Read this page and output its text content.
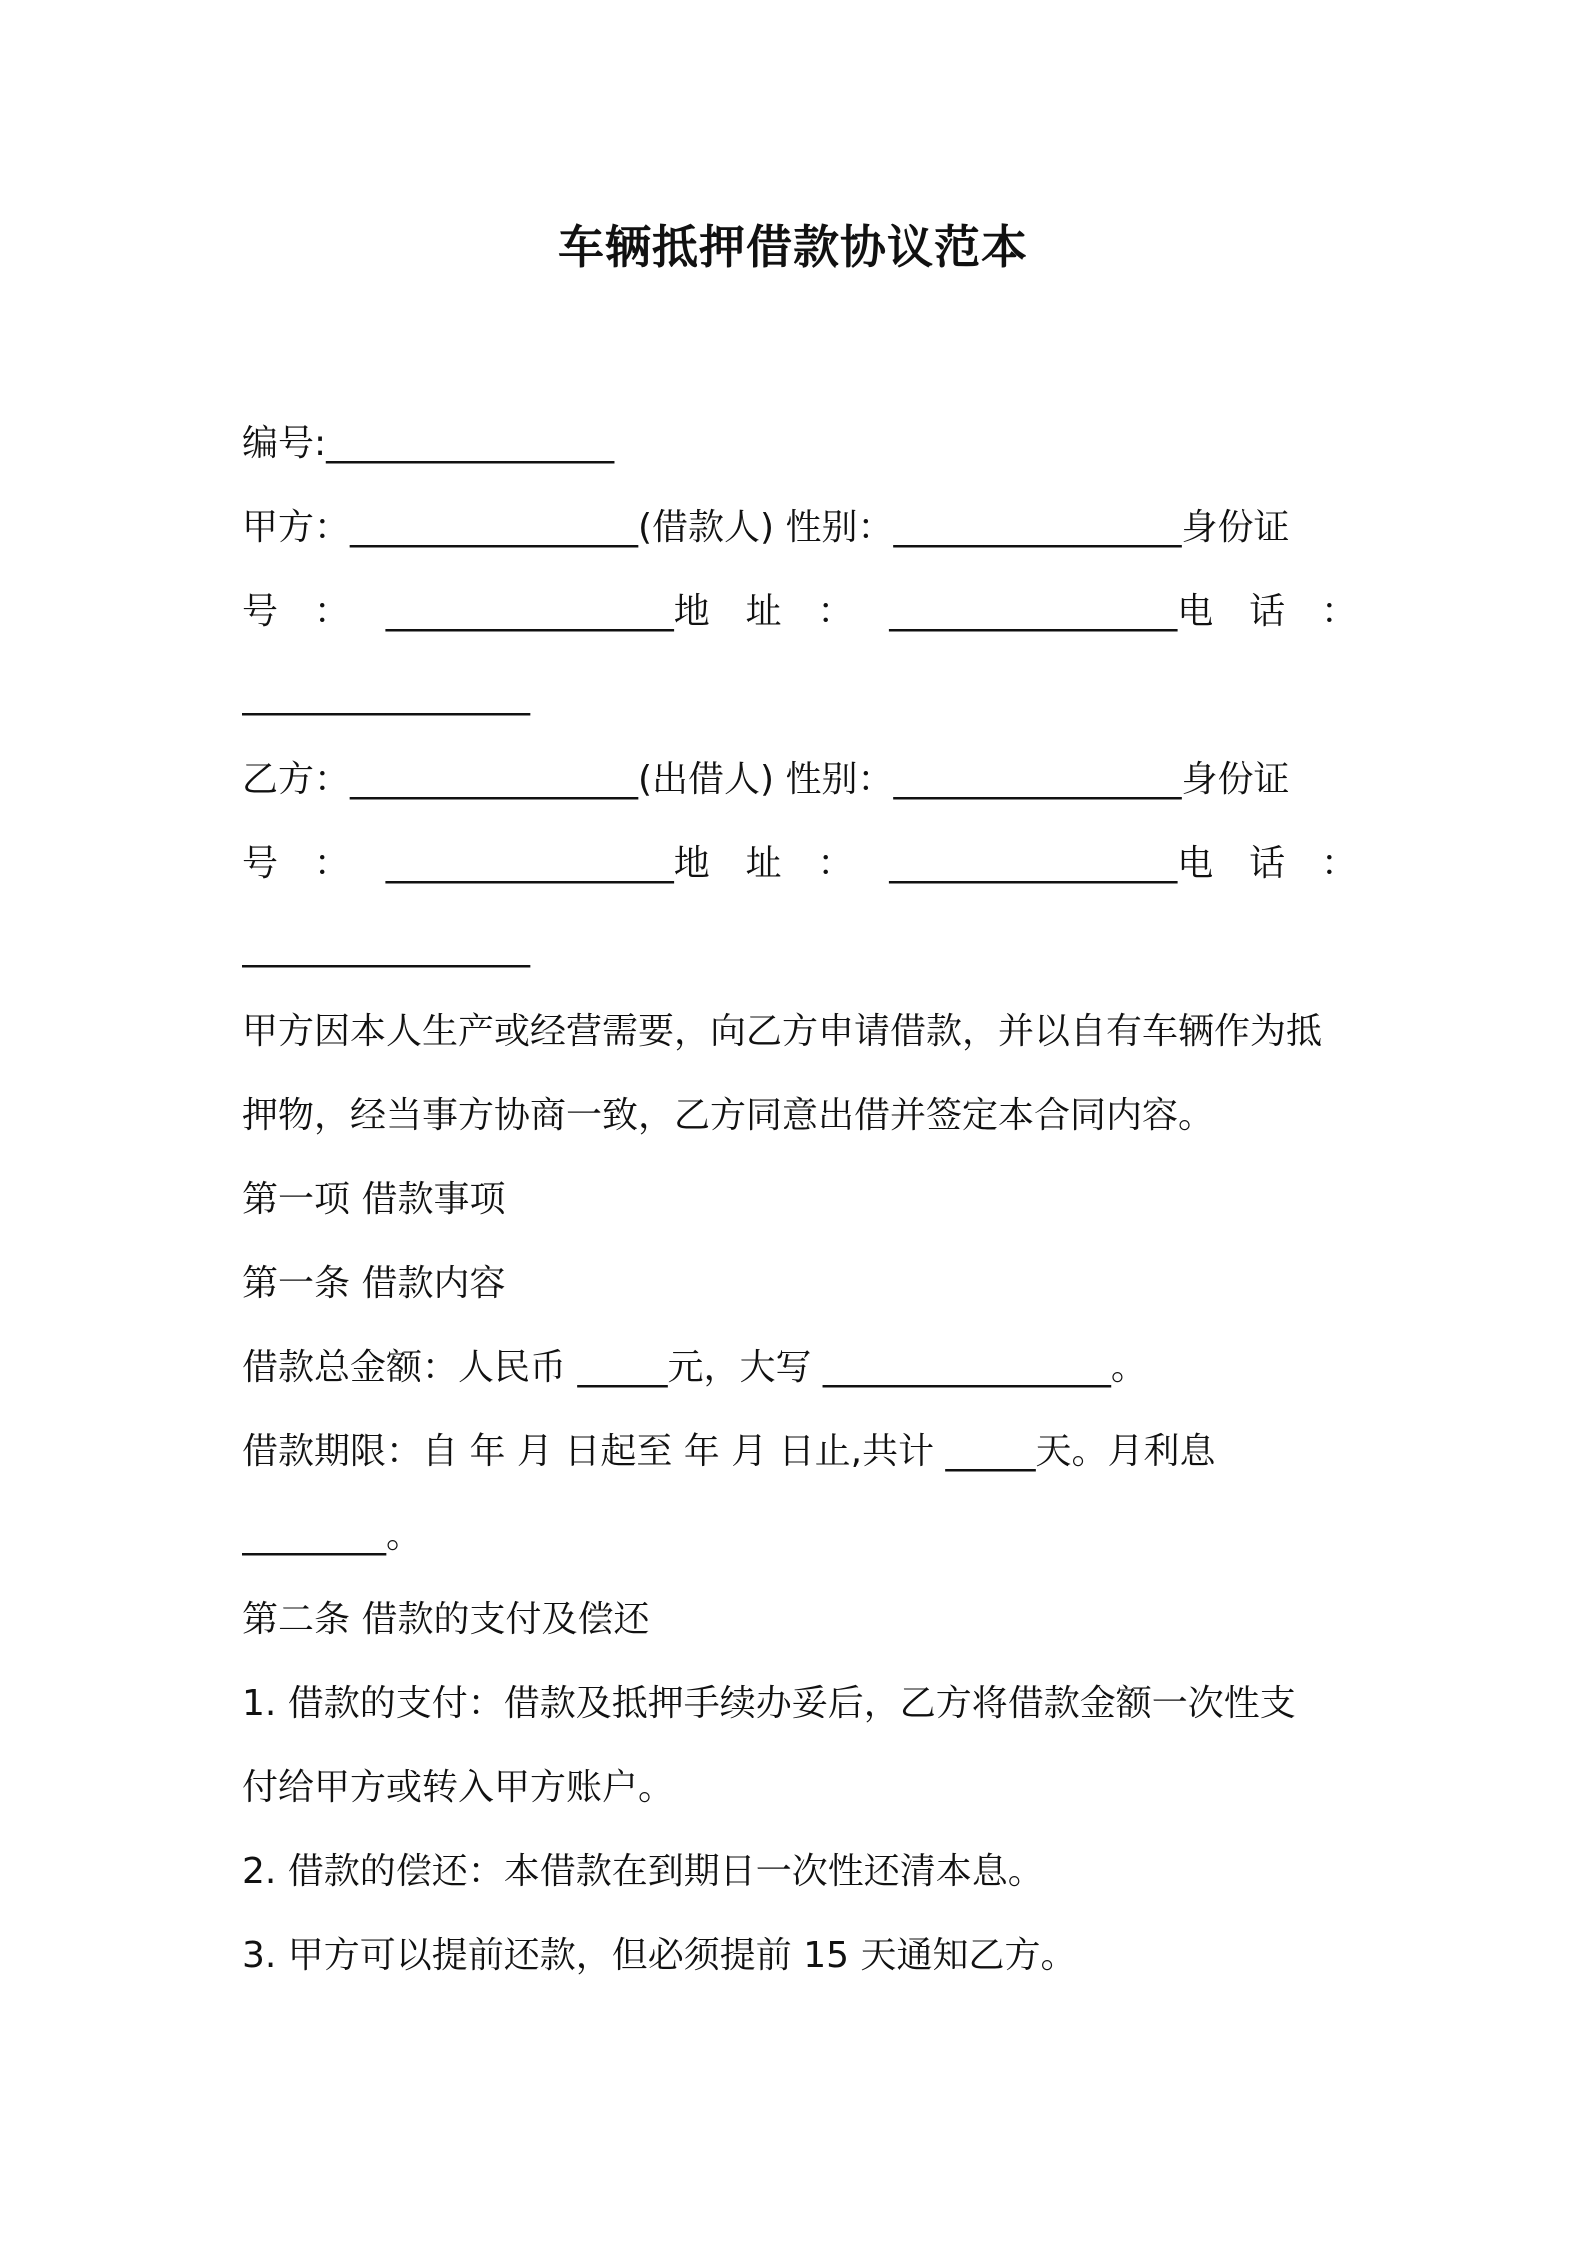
车辆抵押借款协议范本
编号:________________
甲方：________________(借款人) 性别：________________身份证
号 ： ________________地 址 ： ________________电 话 ：
________________
乙方：________________(出借人) 性别：________________身份证
号 ： ________________地 址 ： ________________电 话 ：
________________
甲方因本人生产或经营需要，向乙方申请借款，并以自有车辆作为抵
押物，经当事方协商一致，乙方同意出借并签定本合同内容。
第一项 借款事项
第一条 借款内容
借款总金额：人民币 _____元，大写 ________________。
借款期限：自 年 月 日起至 年 月 日止,共计 _____天。月利息
________。
第二条 借款的支付及偿还
1. 借款的支付：借款及抵押手续办妥后，乙方将借款金额一次性支
付给甲方或转入甲方账户。
2. 借款的偿还：本借款在到期日一次性还清本息。
3. 甲方可以提前还款，但必须提前 15 天通知乙方。
